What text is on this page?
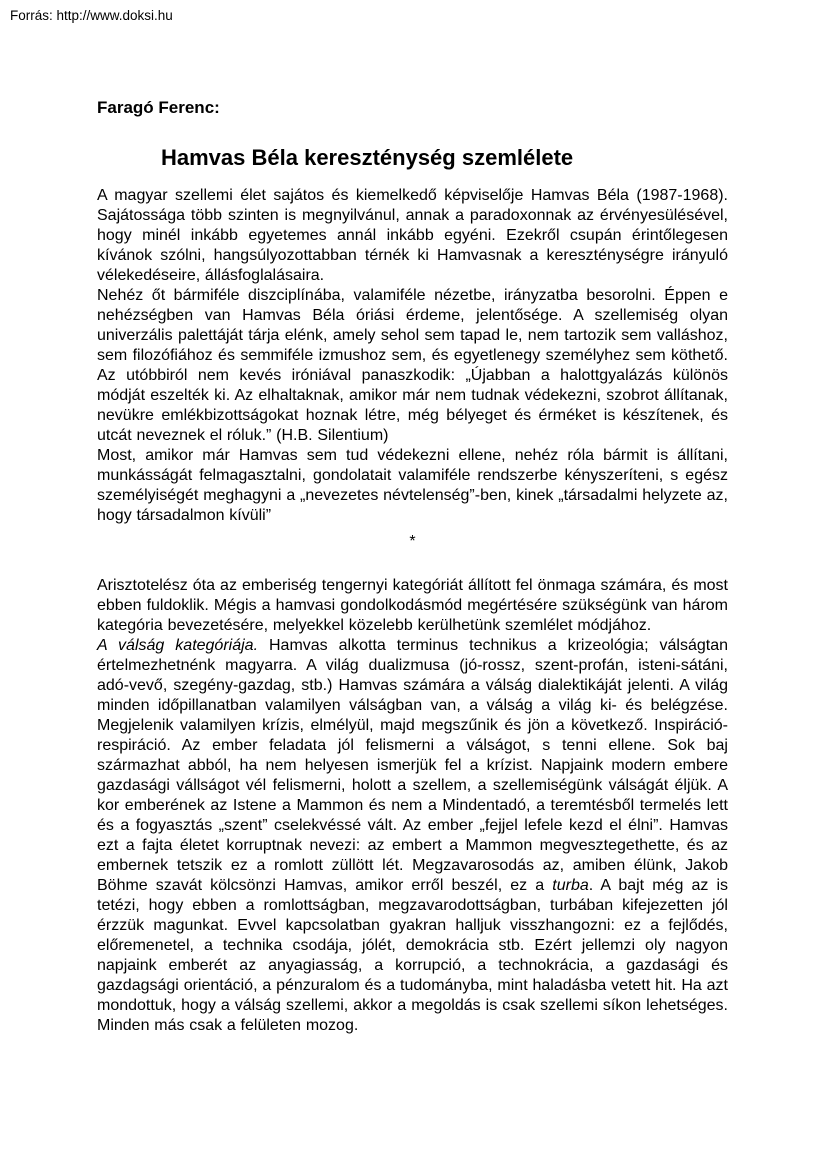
Forrás: http://www.doksi.hu
Faragó Ferenc:
Hamvas Béla kereszténység szemlélete

A magyar szellemi élet sajátos és kiemelkedő képviselője Hamvas Béla (1987-1968). Sajátossága több szinten is megnyilvánul, annak a paradoxonnak az érvényesülésével, hogy minél inkább egyetemes annál inkább egyéni. Ezekről csupán érintőlegesen kívánok szólni, hangsúlyozottabban térnék ki Hamvasnak a kereszténységre irányuló vélekedéseire, állásfoglalásaira.

Nehéz őt bármiféle diszciplínába, valamiféle nézetbe, irányzatba besorolni. Éppen e nehézségben van Hamvas Béla óriási érdeme, jelentősége. A szellemiség olyan univerzális palettáját tárja elénk, amely sehol sem tapad le, nem tartozik sem valláshoz, sem filozófiához és semmiféle izmushoz sem, és egyetlenegy személyhez sem köthető. Az utóbbiról nem kevés iróniával panaszkodik: „Újabban a halottgyalázás különös módját eszelték ki. Az elhaltaknak, amikor már nem tudnak védekezni, szobrot állítanak, nevükre emlékbizottságokat hoznak létre, még bélyeget és érméket is készítenek, és utcát neveznek el róluk.” (H.B. Silentium)

Most, amikor már Hamvas sem tud védekezni ellene, nehéz róla bármit is állítani, munkásságát felmagasztalni, gondolatait valamiféle rendszerbe kényszeríteni, s egész személyiségét meghagyni a „nevezetes névtelenség”-ben, kinek „társadalmi helyzete az, hogy társadalmon kívüli”

*

Arisztotelész óta az emberiség tengernyi kategóriát állított fel önmaga számára, és most ebben fuldoklik. Mégis a hamvasi gondolkodásmód megértésére szükségünk van három kategória bevezetésére, melyekkel közelebb kerülhetünk szemlélet módjához.

A válság kategóriája. Hamvas alkotta terminus technikus a krizeológia; válságtan értelmezhetnénk magyarra. A világ dualizmusa (jó-rossz, szent-profán, isteni-sátáni, adó-vevő, szegény-gazdag, stb.) Hamvas számára a válság dialektikáját jelenti. A világ minden időpillanatban valamilyen válságban van, a válság a világ ki- és belégzése. Megjelenik valamilyen krízis, elmélyül, majd megszűnik és jön a következő. Inspiráció-respiráció. Az ember feladata jól felismerni a válságot, s tenni ellene. Sok baj származhat abból, ha nem helyesen ismerjük fel a krízist. Napjaink modern embere gazdasági vállságot vél felismerni, holott a szellem, a szellemiségünk válságát éljük. A kor emberének az Istene a Mammon és nem a Mindentadó, a teremtésből termelés lett és a fogyasztás „szent” cselekvéssé vált. Az ember „fejjel lefele kezd el élni”. Hamvas ezt a fajta életet korruptnak nevezi: az embert a Mammon megvesztegethette, és az embernek tetszik ez a romlott züllött lét. Megzavarosodás az, amiben élünk, Jakob Böhme szavát kölcsönzi Hamvas, amikor erről beszél, ez a turba. A bajt még az is tetézi, hogy ebben a romlottságban, megzavarodottságban, turbában kifejezetten jól érzzük magunkat. Evvel kapcsolatban gyakran halljuk visszhangozni: ez a fejlődés, előremenetel, a technika csodája, jólét, demokrácia stb. Ezért jellemzi oly nagyon napjaink emberét az anyagiasság, a korrupció, a technokrácia, a gazdasági és gazdagsági orientáció, a pénzuralom és a tudományba, mint haladásba vetett hit. Ha azt mondottuk, hogy a válság szellemi, akkor a megoldás is csak szellemi síkon lehetséges. Minden más csak a felületen mozog.
